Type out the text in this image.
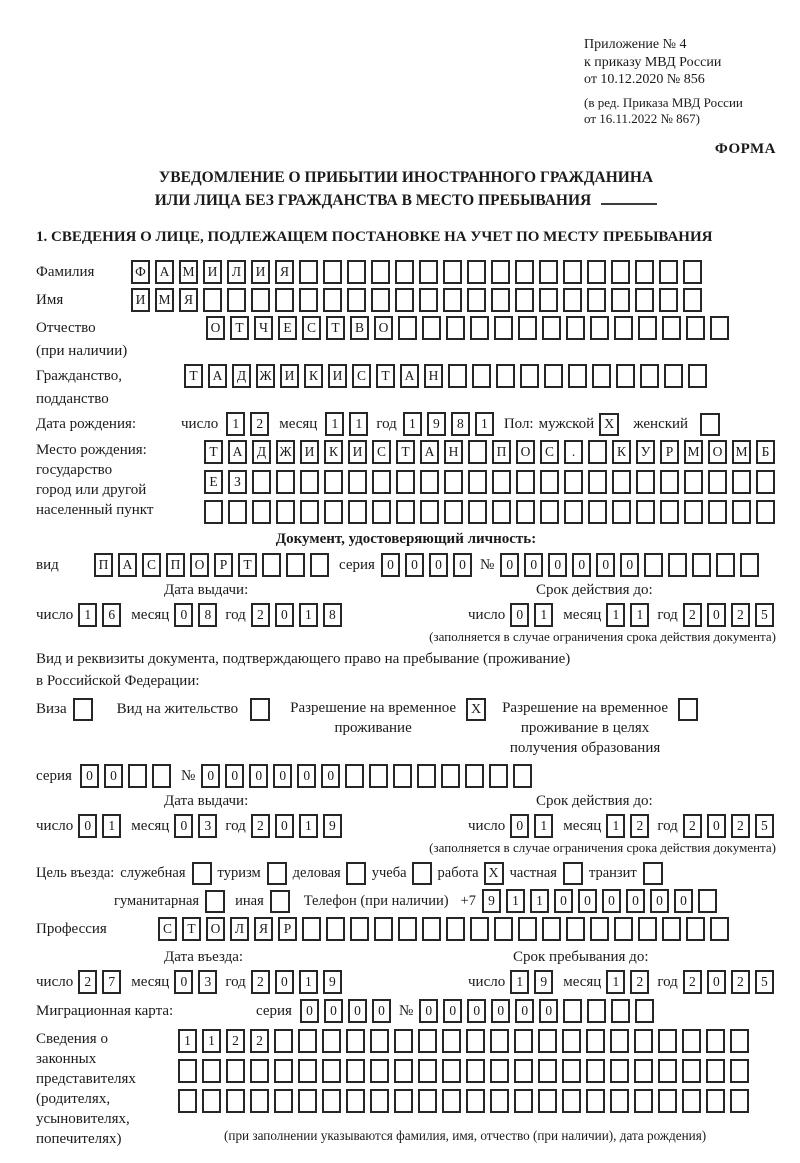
Приложение № 4
к приказу МВД России
от 10.12.2020 № 856
(в ред. Приказа МВД России
от 16.11.2022 № 867)
ФОРМА
УВЕДОМЛЕНИЕ О ПРИБЫТИИ ИНОСТРАННОГО ГРАЖДАНИНА
ИЛИ ЛИЦА БЕЗ ГРАЖДАНСТВА В МЕСТО ПРЕБЫВАНИЯ
1. СВЕДЕНИЯ О ЛИЦЕ, ПОДЛЕЖАЩЕМ ПОСТАНОВКЕ НА УЧЕТ ПО МЕСТУ ПРЕБЫВАНИЯ
Фамилия	Ф	А М И	Л	И	Я
Имя	И М Я
Отчество
(при наличии)
О	Т	Ч	Е	С	Т	В	О
Гражданство,
подданство
Т	А	Д Ж И	К	И	С	Т	А	Н
Дата рождения:	число	1	2	месяц	1	1 год 1	9	8	1	Пол: мужской X	женский
Место рождения:
государство
город или другой
населенный пункт
Т	А	Д Ж И	К	И	С	Т	А	Н	П	О	С	.	К	У	Р	М О М	Б
Е	З
Документ, удостоверяющий личность:
вид	П	А	С	П	О	Р	Т	серия 0	0	0	0 № 0	0	0	0	0	0
Дата выдачи:	Срок действия до:
число 1	6	месяц 0	8 год 2	0	1	8	число 0	1	месяц 1	1 год 2	0	2	5
(заполняется в случае ограничения срока действия документа)
Вид и реквизиты документа, подтверждающего право на пребывание (проживание)
в Российской Федерации:
Виза	Вид на жительство	Разрешение на временное
проживание
X	Разрешение на временное
проживание в целях
получения образования
серия	0	0	№ 0	0	0	0	0	0
Дата выдачи:	Срок действия до:
число 0	1	месяц 0	3 год 2	0	1	9	число 0	1	месяц 1	2 год 2	0	2	5
(заполняется в случае ограничения срока действия документа)
Цель въезда: служебная туризм деловая учеба работа X частная транзит
гуманитарная иная	Телефон (при наличии) +7 9	1	1	0	0	0	0	0	0
Профессия	С	Т	О	Л	Я	Р
Дата въезда:	Срок пребывания до:
число 2	7	месяц 0	3 год 2	0	1	9	число 1	9	месяц 1	2 год 2	0	2	5
Миграционная карта:	серия	0	0	0	0 № 0	0	0	0	0	0
Сведения о
законных
представителях
(родителях,
усыновителях,
попечителях)
1	1	2	2
(при заполнении указываются фамилия, имя, отчество (при наличии), дата рождения)
